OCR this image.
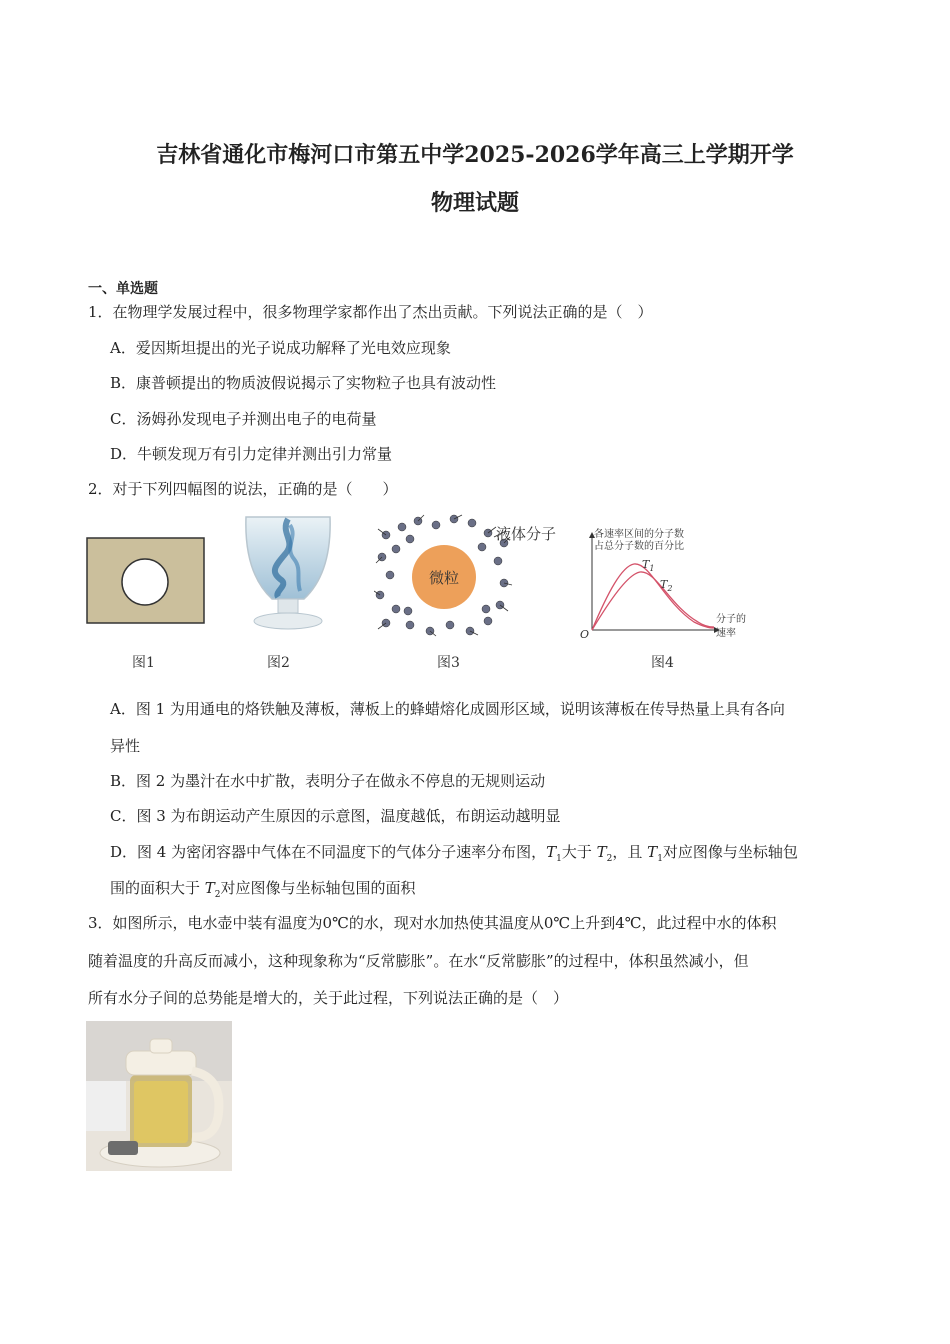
吉林省通化市梅河口市第五中学2025-2026学年高三上学期开学
物理试题
一、单选题
1．在物理学发展过程中，很多物理学家都作出了杰出贡献。下列说法正确的是（　）
A．爱因斯坦提出的光子说成功解释了光电效应现象
B．康普顿提出的物质波假说揭示了实物粒子也具有波动性
C．汤姆孙发现电子并测出电子的电荷量
D．牛顿发现万有引力定律并测出引力常量
2．对于下列四幅图的说法，正确的是（　　）
图1	图2
微粒
液体分子
图3
各速率区间的分子数
占总分子数的百分比
$T_1$
$T_2$
O
分子的
速率
图4
A．图 1 为用通电的烙铁触及薄板，薄板上的蜂蜡熔化成圆形区域，说明该薄板在传导热量上具有各向
异性
B．图 2 为墨汁在水中扩散，表明分子在做永不停息的无规则运动
C．图 3 为布朗运动产生原因的示意图，温度越低，布朗运动越明显
D．图 4 为密闭容器中气体在不同温度下的气体分子速率分布图，$T_1$大于 $T_2$，且 $T_1$对应图像与坐标轴包
围的面积大于 $T_2$对应图像与坐标轴包围的面积
3．如图所示，电水壶中装有温度为0℃的水，现对水加热使其温度从0℃上升到4℃，此过程中水的体积
随着温度的升高反而减小，这种现象称为“反常膨胀”。在水“反常膨胀”的过程中，体积虽然减小，但
所有水分子间的总势能是增大的，关于此过程，下列说法正确的是（　）
